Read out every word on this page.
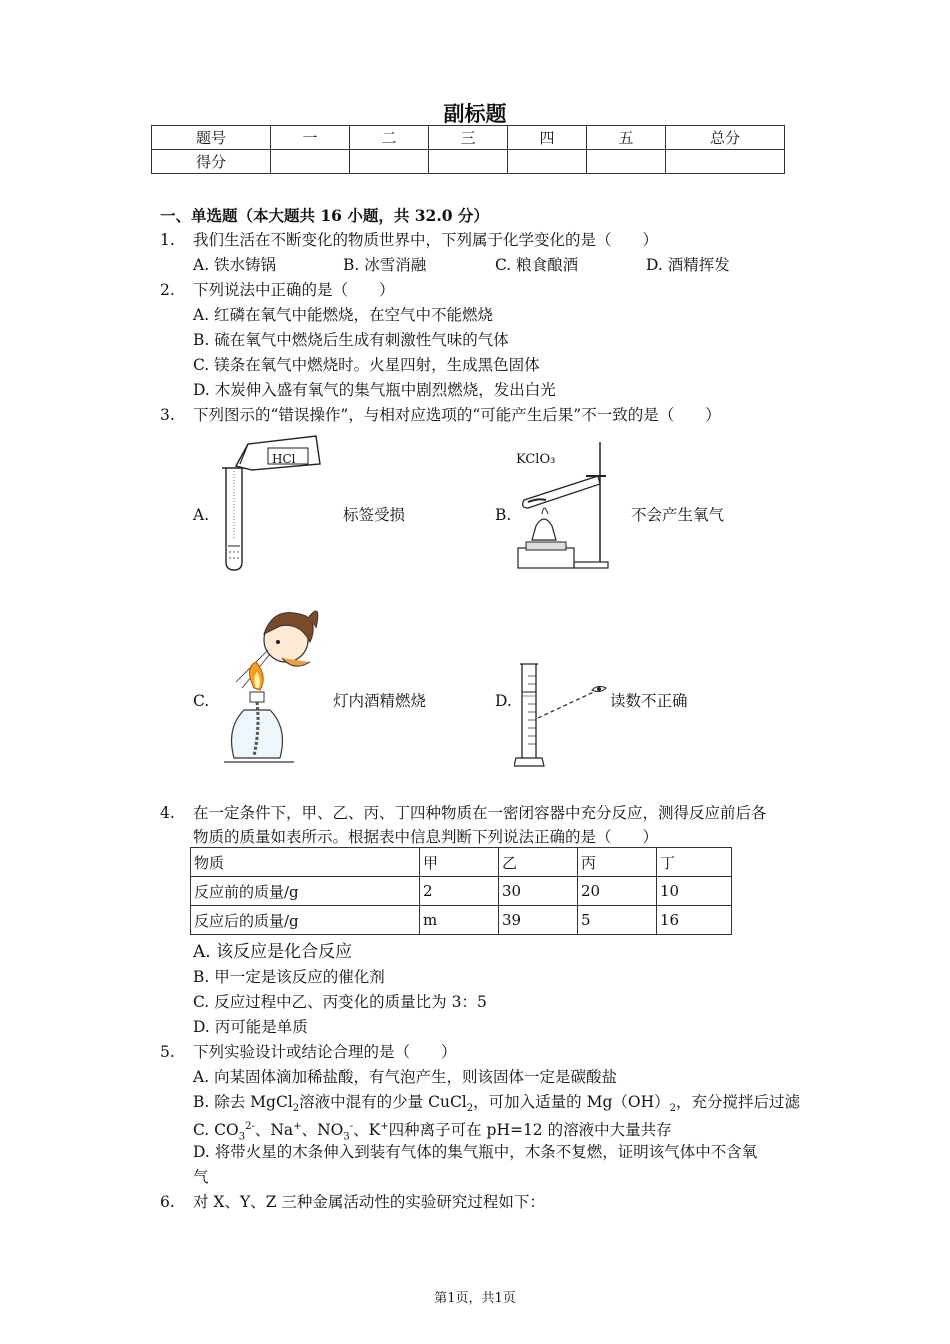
副标题
题号	一	二	三	四	五	总分
得分						
一、单选题（本大题共 16 小题，共 32.0 分）
1. 我们生活在不断变化的物质世界中，下列属于化学变化的是（　　）
A. 铁水铸锅	B. 冰雪消融	C. 粮食酿酒	D. 酒精挥发
2. 下列说法中正确的是（　　）
A. 红磷在氧气中能燃烧，在空气中不能燃烧
B. 硫在氧气中燃烧后生成有刺激性气味的气体
C. 镁条在氧气中燃烧时。火星四射，生成黑色固体
D. 木炭伸入盛有氧气的集气瓶中剧烈燃烧，发出白光
3. 下列图示的“错误操作”，与相对应选项的“可能产生后果”不一致的是（　　）
A.
HCl
标签受损	B.
KClO₃
不会产生氧气
C.	灯内酒精燃烧	D.	读数不正确
4. 在一定条件下，甲、乙、丙、丁四种物质在一密闭容器中充分反应，测得反应前后各
物质的质量如表所示。根据表中信息判断下列说法正确的是（　　）
物质	甲	乙	丙	丁
反应前的质量/g	2	30	20	10
反应后的质量/g	m	39	5	16
A. 该反应是化合反应
B. 甲一定是该反应的催化剂
C. 反应过程中乙、丙变化的质量比为 3：5
D. 丙可能是单质
5. 下列实验设计或结论合理的是（　　）
A. 向某固体滴加稀盐酸，有气泡产生，则该固体一定是碳酸盐
B. 除去 MgCl$_2$溶液中混有的少量 CuCl$_2$，可加入适量的 $Mg(OH)_2$，充分搅拌后过滤
C. $CO_3^{2-}$、Na+、$NO_3^-$、K+四种离子可在 pH=12 的溶液中大量共存
D. 将带火星的木条伸入到装有气体的集气瓶中，木条不复燃，证明该气体中不含氧
气
6. 对 X、Y、Z 三种金属活动性的实验研究过程如下：
第1页，共1页
